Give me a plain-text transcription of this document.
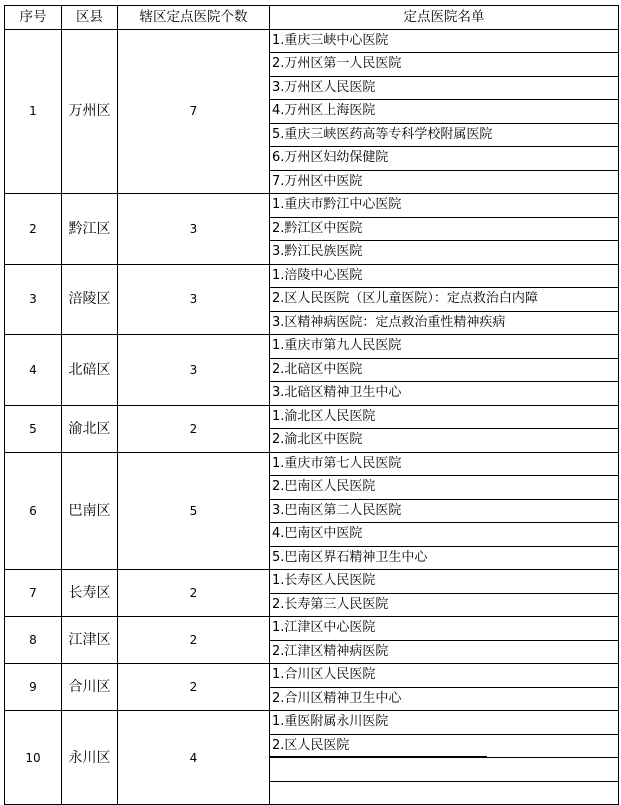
序号	区县	辖区定点医院个数	定点医院名单
1	万州区	7	1.重庆三峡中心医院
			2.万州区第一人民医院
			3.万州区人民医院
			4.万州区上海医院
			5.重庆三峡医药高等专科学校附属医院
			6.万州区妇幼保健院
			7.万州区中医院
2	黔江区	3	1.重庆市黔江中心医院
			2.黔江区中医院
			3.黔江民族医院
3	涪陵区	3	1.涪陵中心医院
			2.区人民医院（区儿童医院）：定点救治白内障
			3.区精神病医院：定点救治重性精神疾病
4	北碚区	3	1.重庆市第九人民医院
			2.北碚区中医院
			3.北碚区精神卫生中心
5	渝北区	2	1.渝北区人民医院
			2.渝北区中医院
6	巴南区	5	1.重庆市第七人民医院
			2.巴南区人民医院
			3.巴南区第二人民医院
			4.巴南区中医院
			5.巴南区界石精神卫生中心
7	长寿区	2	1.长寿区人民医院
			2.长寿第三人民医院
8	江津区	2	1.江津区中心医院
			2.江津区精神病医院
9	合川区	2	1.合川区人民医院
			2.合川区精神卫生中心
10	永川区	4	1.重医附属永川医院
			2.区人民医院
